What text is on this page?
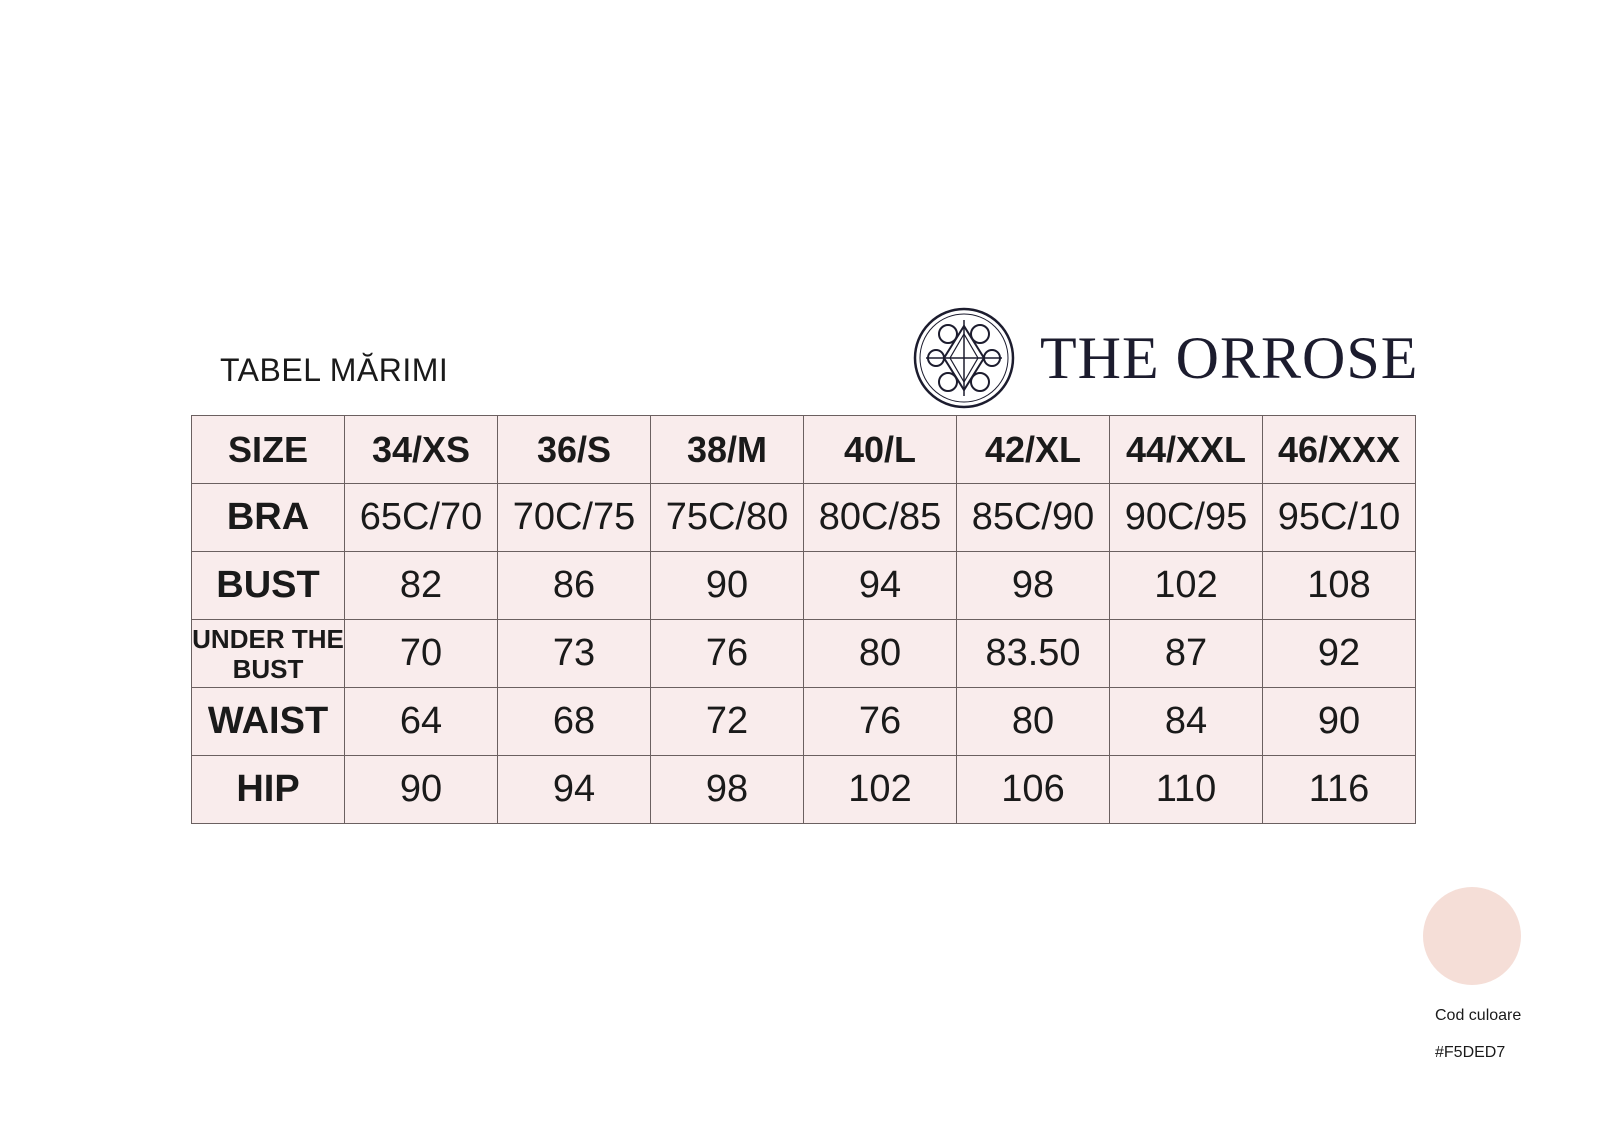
TABEL MĂRIMI	THE ORROSE
SIZE	34/XS	36/S	38/M	40/L	42/XL	44/XXL	46/XXX
BRA	65C/70	70C/75	75C/80	80C/85	85C/90	90C/95	95C/10
BUST	82	86	90	94	98	102	108
UNDER THE BUST	70	73	76	80	83.50	87	92
WAIST	64	68	72	76	80	84	90
HIP	90	94	98	102	106	110	116
Cod culoare
#F5DED7
